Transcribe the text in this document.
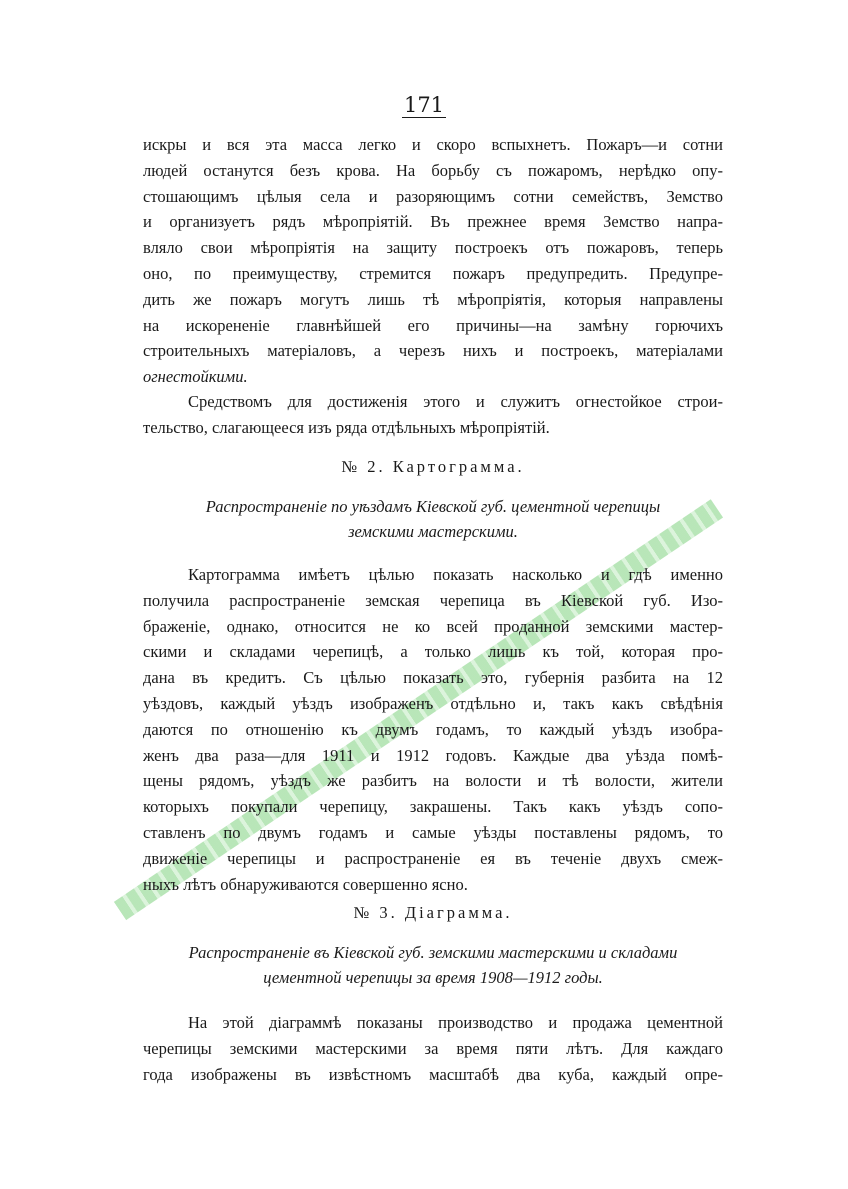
171
искры и вся эта масса легко и скоро вспыхнетъ. Пожаръ—и сотни
людей останутся безъ крова. На борьбу съ пожаромъ, нерѣдко опу-
стошающимъ цѣлыя села и разоряющимъ сотни семействъ, Земство
и организуетъ рядъ мѣропріятій. Въ прежнее время Земство напра-
вляло свои мѣропріятія на защиту построекъ отъ пожаровъ, теперь
оно, по преимуществу, стремится пожаръ предупредить. Предупре-
дить же пожаръ могутъ лишь тѣ мѣропріятія, которыя направлены
на искорененіе главнѣйшей его причины—на замѣну горючихъ
строительныхъ матеріаловъ, а черезъ нихъ и построекъ, матеріалами
огнестойкими.
Средствомъ для достиженія этого и служитъ огнестойкое строи-
тельство, слагающееся изъ ряда отдѣльныхъ мѣропріятій.
№ 2. Картограмма.
Распространеніе по уѣздамъ Кіевской губ. цементной черепицы
земскими мастерскими.
Картограмма имѣетъ цѣлью показать насколько и гдѣ именно
получила распространеніе земская черепица въ Кіевской губ. Изо-
браженіе, однако, относится не ко всей проданной земскими мастер-
скими и складами черепицѣ, а только лишь къ той, которая про-
дана въ кредитъ. Съ цѣлью показать это, губернія разбита на 12
уѣздовъ, каждый уѣздъ изображенъ отдѣльно и, такъ какъ свѣдѣнія
даются по отношенію къ двумъ годамъ, то каждый уѣздъ изобра-
женъ два раза—для 1911 и 1912 годовъ. Каждые два уѣзда помѣ-
щены рядомъ, уѣздъ же разбитъ на волости и тѣ волости, жители
которыхъ покупали черепицу, закрашены. Такъ какъ уѣздъ сопо-
ставленъ по двумъ годамъ и самые уѣзды поставлены рядомъ, то
движеніе черепицы и распространеніе ея въ теченіе двухъ смеж-
ныхъ лѣтъ обнаруживаются совершенно ясно.
№ 3. Діаграмма.
Распространеніе въ Кіевской губ. земскими мастерскими и складами
цементной черепицы за время 1908—1912 годы.
На этой діаграммѣ показаны производство и продажа цементной
черепицы земскими мастерскими за время пяти лѣтъ. Для каждаго
года изображены въ извѣстномъ масштабѣ два куба, каждый опре-
